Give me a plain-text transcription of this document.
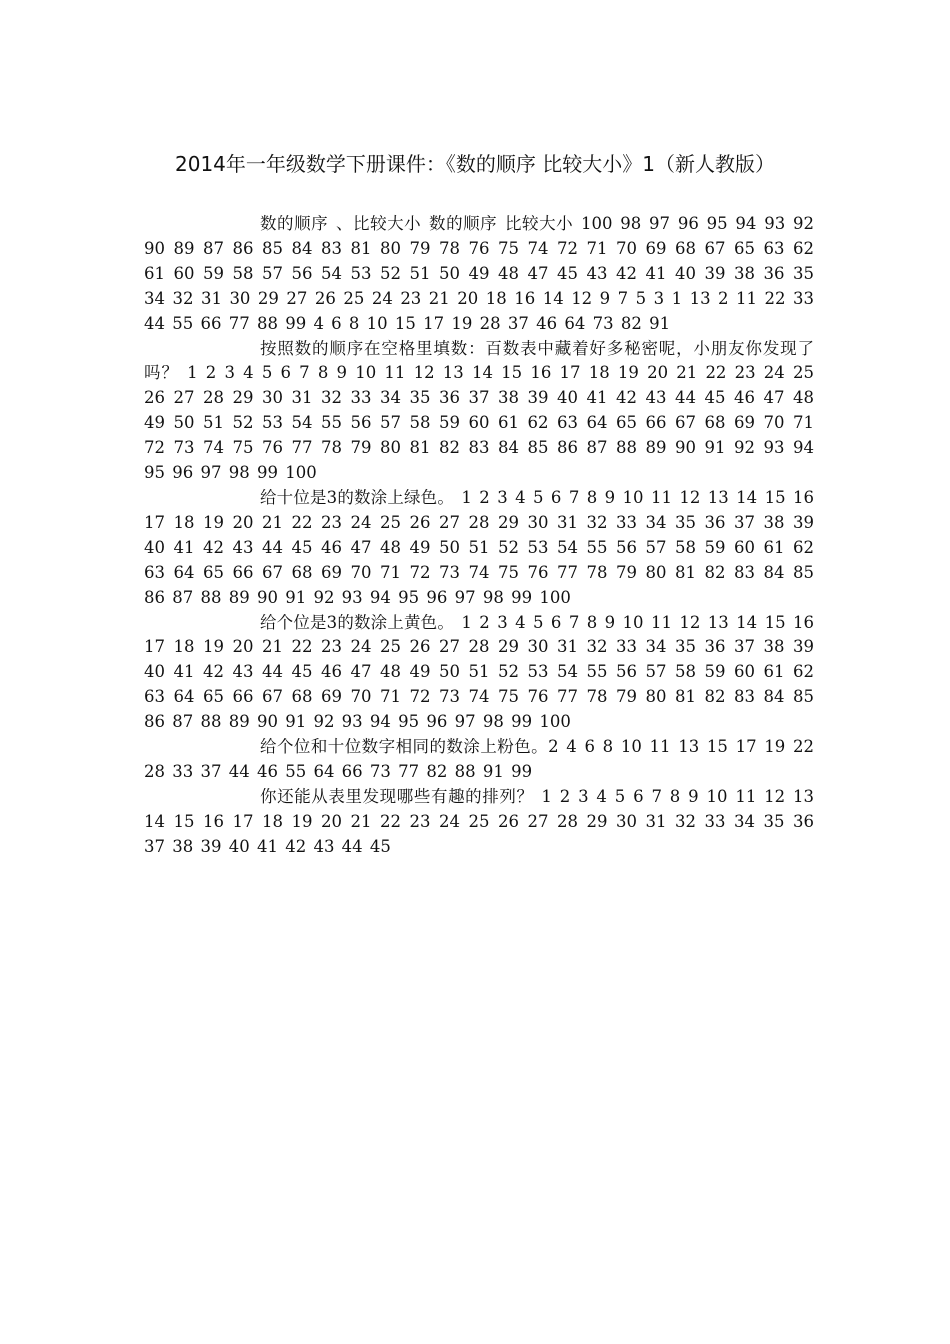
2014年一年级数学下册课件：《数的顺序 比较大小》1（新人教版）

数的顺序 、比较大小 数的顺序 比较大小 100 98 97 96 95 94 93 92 90 89 87 86 85 84 83 81 80 79 78 76 75 74 72 71 70 69 68 67 65 63 62 61 60 59 58 57 56 54 53 52 51 50 49 48 47 45 43 42 41 40 39 38 36 35 34 32 31 30 29 27 26 25 24 23 21 20 18 16 14 12 9 7 5 3 1 13 2 11 22 33 44 55 66 77 88 99 4 6 8 10 15 17 19 28 37 46 64 73 82 91

按照数的顺序在空格里填数：百数表中藏着好多秘密呢，小朋友你发现了吗？ 1 2 3 4 5 6 7 8 9 10 11 12 13 14 15 16 17 18 19 20 21 22 23 24 25 26 27 28 29 30 31 32 33 34 35 36 37 38 39 40 41 42 43 44 45 46 47 48 49 50 51 52 53 54 55 56 57 58 59 60 61 62 63 64 65 66 67 68 69 70 71 72 73 74 75 76 77 78 79 80 81 82 83 84 85 86 87 88 89 90 91 92 93 94 95 96 97 98 99 100

给十位是3的数涂上绿色。 1 2 3 4 5 6 7 8 9 10 11 12 13 14 15 16 17 18 19 20 21 22 23 24 25 26 27 28 29 30 31 32 33 34 35 36 37 38 39 40 41 42 43 44 45 46 47 48 49 50 51 52 53 54 55 56 57 58 59 60 61 62 63 64 65 66 67 68 69 70 71 72 73 74 75 76 77 78 79 80 81 82 83 84 85 86 87 88 89 90 91 92 93 94 95 96 97 98 99 100

给个位是3的数涂上黄色。 1 2 3 4 5 6 7 8 9 10 11 12 13 14 15 16 17 18 19 20 21 22 23 24 25 26 27 28 29 30 31 32 33 34 35 36 37 38 39 40 41 42 43 44 45 46 47 48 49 50 51 52 53 54 55 56 57 58 59 60 61 62 63 64 65 66 67 68 69 70 71 72 73 74 75 76 77 78 79 80 81 82 83 84 85 86 87 88 89 90 91 92 93 94 95 96 97 98 99 100

给个位和十位数字相同的数涂上粉色。2 4 6 8 10 11 13 15 17 19 22 28 33 37 44 46 55 64 66 73 77 82 88 91 99

你还能从表里发现哪些有趣的排列？ 1 2 3 4 5 6 7 8 9 10 11 12 13 14 15 16 17 18 19 20 21 22 23 24 25 26 27 28 29 30 31 32 33 34 35 36 37 38 39 40 41 42 43 44 45
